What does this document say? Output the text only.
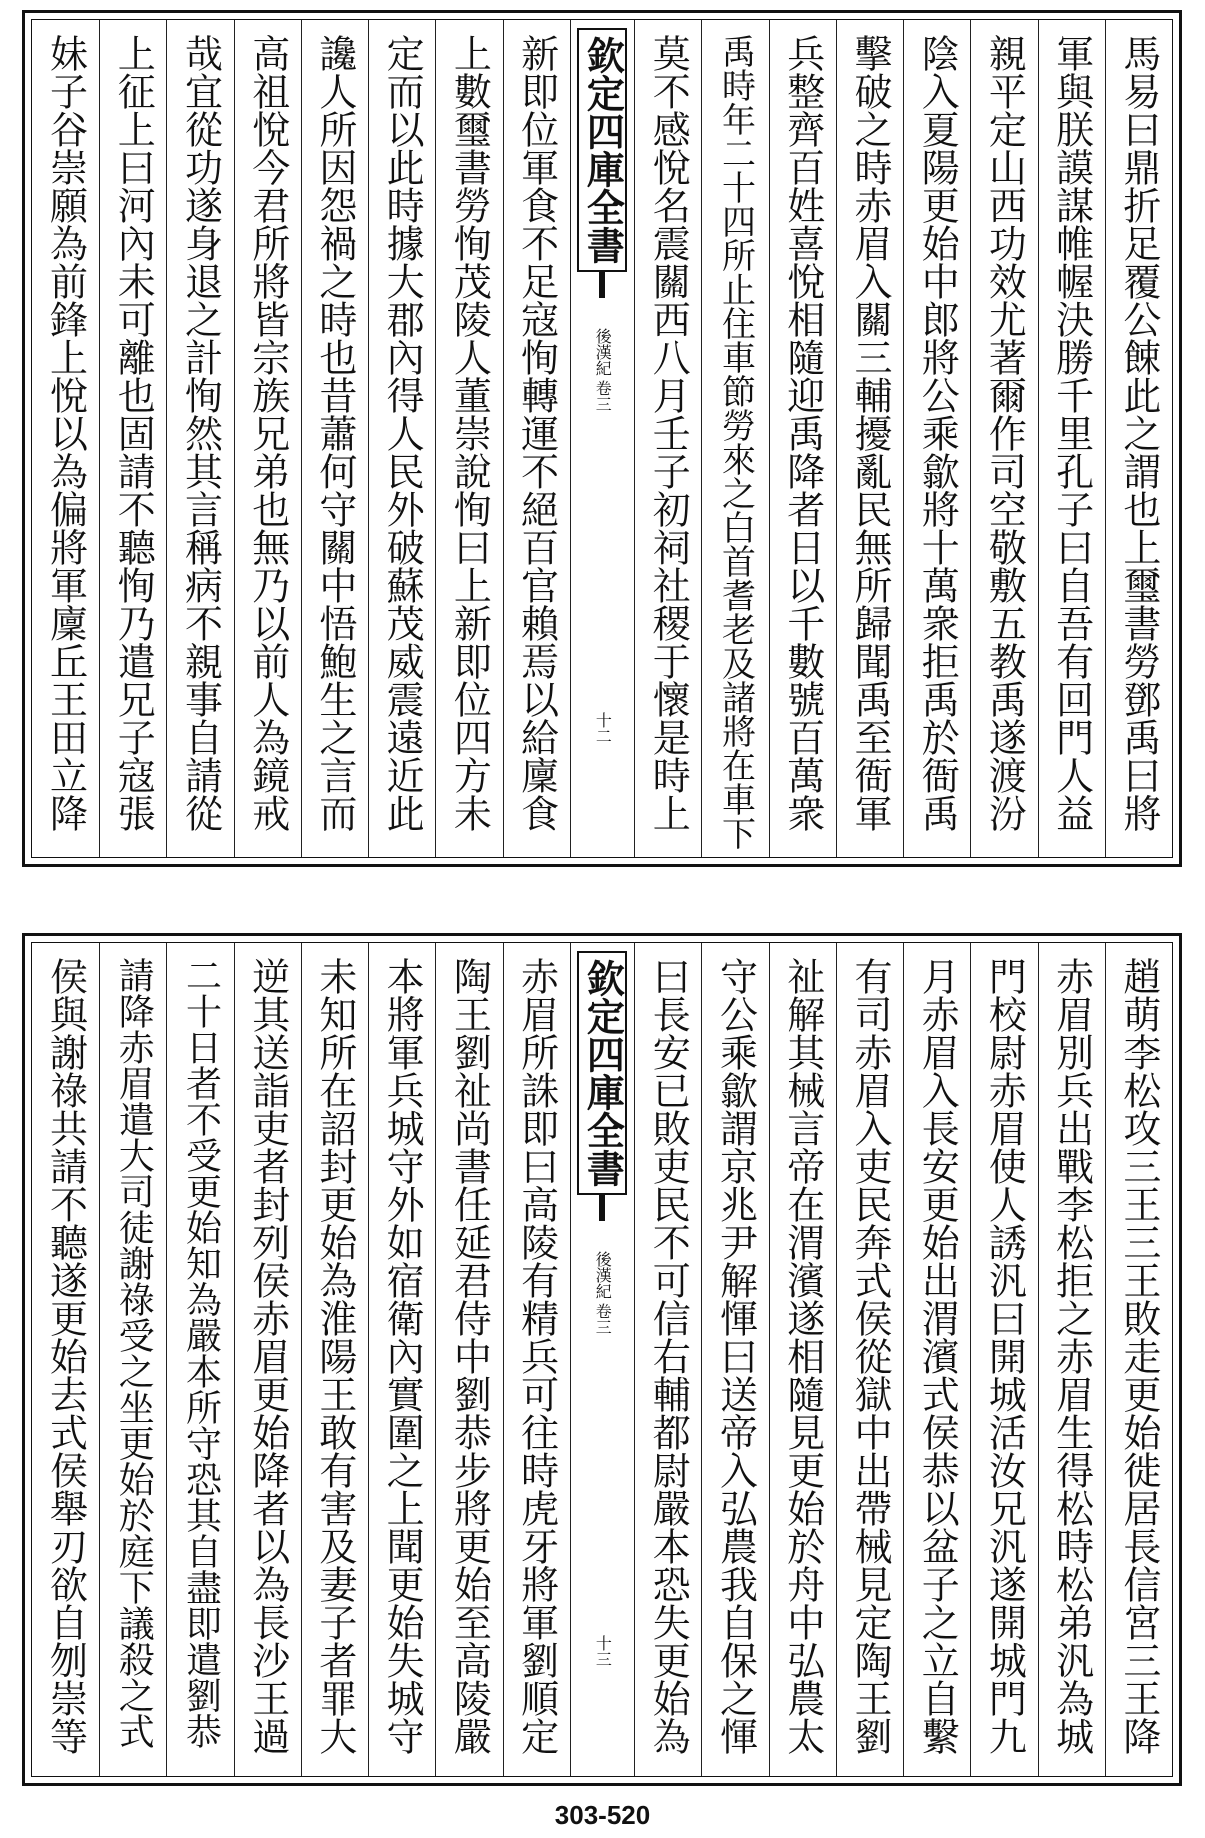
馬易曰鼎折足覆公餗此之謂也上璽書勞鄧禹曰將
軍與朕謨謀帷幄決勝千里孔子曰自吾有回門人益
親平定山西功效尤著爾作司空敬敷五教禹遂渡汾
陰入夏陽更始中郎將公乘歙將十萬衆拒禹於衙禹
擊破之時赤眉入關三輔擾亂民無所歸聞禹至衙軍
兵整齊百姓喜悅相隨迎禹降者日以千數號百萬衆
禹時年二十四所止住車節勞來之白首耆老及諸將在車下
莫不感悅名震關西八月壬子初祠社稷于懷是時上
欽定四庫全書
後漢紀
卷三
十二
新即位軍食不足寇恂轉運不絕百官賴焉以給廩食
上數璽書勞恂茂陵人董崇說恂曰上新即位四方未
定而以此時據大郡內得人民外破蘇茂威震遠近此
讒人所因怨禍之時也昔蕭何守關中悟鮑生之言而
高祖悅今君所將皆宗族兄弟也無乃以前人為鏡戒
哉宜從功遂身退之計恂然其言稱病不親事自請從
上征上曰河內未可離也固請不聽恂乃遣兄子寇張
妹子谷崇願為前鋒上悅以為偏將軍廩丘王田立降
趙萌李松攻三王三王敗走更始徙居長信宮三王降
赤眉別兵出戰李松拒之赤眉生得松時松弟汎為城
門校尉赤眉使人誘汎曰開城活汝兄汎遂開城門九
月赤眉入長安更始出渭濱式侯恭以盆子之立自繫
有司赤眉入吏民奔式侯從獄中出帶械見定陶王劉
祉解其械言帝在渭濱遂相隨見更始於舟中弘農太
守公乘歙謂京兆尹解惲曰送帝入弘農我自保之惲
曰長安已敗吏民不可信右輔都尉嚴本恐失更始為
欽定四庫全書
後漢紀
卷三
十三
赤眉所誅即曰高陵有精兵可往時虎牙將軍劉順定
陶王劉祉尚書任延君侍中劉恭步將更始至高陵嚴
本將軍兵城守外如宿衛內實圍之上聞更始失城守
未知所在詔封更始為淮陽王敢有害及妻子者罪大
逆其送詣吏者封列侯赤眉更始降者以為長沙王過
二十日者不受更始知為嚴本所守恐其自盡即遣劉恭
請降赤眉遣大司徒謝祿受之坐更始於庭下議殺之式
侯與謝祿共請不聽遂更始去式侯舉刃欲自刎崇等
303-520
